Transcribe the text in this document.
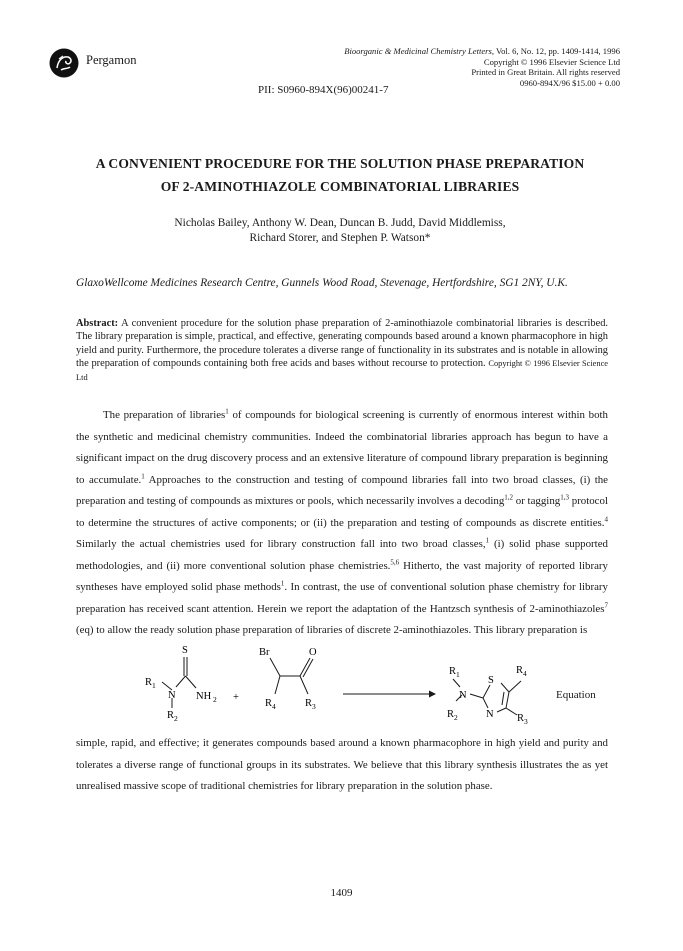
Pergamon
Bioorganic & Medicinal Chemistry Letters, Vol. 6, No. 12, pp. 1409-1414, 1996
Copyright © 1996 Elsevier Science Ltd
Printed in Great Britain. All rights reserved
0960-894X/96 $15.00 + 0.00
PII: S0960-894X(96)00241-7
A CONVENIENT PROCEDURE FOR THE SOLUTION PHASE PREPARATION
OF 2-AMINOTHIAZOLE COMBINATORIAL LIBRARIES
Nicholas Bailey, Anthony W. Dean, Duncan B. Judd, David Middlemiss,
Richard Storer, and Stephen P. Watson*
GlaxoWellcome Medicines Research Centre, Gunnels Wood Road, Stevenage, Hertfordshire, SG1 2NY, U.K.
Abstract: A convenient procedure for the solution phase preparation of 2-aminothiazole combinatorial libraries is described. The library preparation is simple, practical, and effective, generating compounds based around a known pharmacophore in high yield and purity. Furthermore, the procedure tolerates a diverse range of functionality in its substrates and is notable in allowing the preparation of compounds containing both free acids and bases without recourse to protection. Copyright © 1996 Elsevier Science Ltd

The preparation of libraries$^1$ of compounds for biological screening is currently of enormous interest within both the synthetic and medicinal chemistry communities. Indeed the combinatorial libraries approach has begun to have a significant impact on the drug discovery process and an extensive literature of compound library preparation is beginning to accumulate.$^1$ Approaches to the construction and testing of compound libraries fall into two broad classes, (i) the preparation and testing of compounds as mixtures or pools, which necessarily involves a decoding$^{1,2}$ or tagging$^{1,3}$ protocol to determine the structures of active components; or (ii) the preparation and testing of compounds as discrete entities.$^4$ Similarly the actual chemistries used for library construction fall into two broad classes,$^1$ (i) solid phase supported methodologies, and (ii) more conventional solution phase chemistries.$^{5,6}$ Hitherto, the vast majority of reported library syntheses have employed solid phase methods$^1$. In contrast, the use of conventional solution phase chemistry for library preparation has received scant attention. Herein we report the adaptation of the Hantzsch synthesis of 2-aminothiazoles$^7$ (eq) to allow the ready solution phase preparation of libraries of discrete 2-aminothiazoles. This library preparation is

S
N NH 2
R 1
R 2
+
Br	O
R 4	R 3
R 1
N
S
R 4
R 2	N R 3
Equation

simple, rapid, and effective; it generates compounds based around a known pharmacophore in high yield and purity and tolerates a diverse range of functional groups in its substrates. We believe that this library synthesis illustrates the as yet unrealised massive scope of traditional chemistries for library preparation in the solution phase.

1409
